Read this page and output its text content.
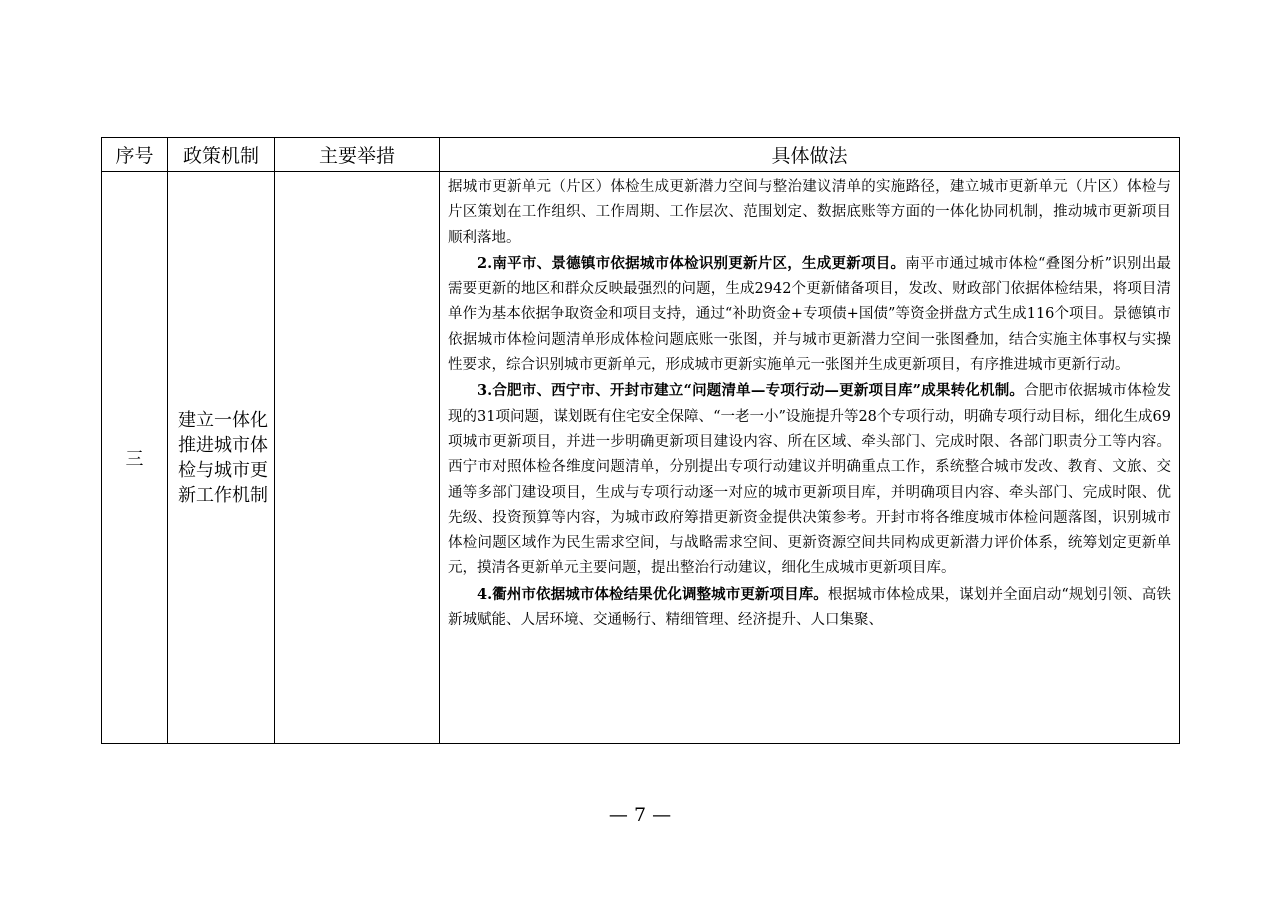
序号	政策机制	主要举措	具体做法
三	建立一体化推进城市体检与城市更新工作机制		据城市更新单元（片区）体检生成更新潜力空间与整治建议清单的实施路径，建立城市更新单元（片区）体检与片区策划在工作组织、工作周期、工作层次、范围划定、数据底账等方面的一体化协同机制，推动城市更新项目顺利落地。

2.南平市、景德镇市依据城市体检识别更新片区，生成更新项目。南平市通过城市体检“叠图分析”识别出最需要更新的地区和群众反映最强烈的问题，生成2942个更新储备项目，发改、财政部门依据体检结果，将项目清单作为基本依据争取资金和项目支持，通过“补助资金+专项债+国债”等资金拼盘方式生成116个项目。景德镇市依据城市体检问题清单形成体检问题底账一张图，并与城市更新潜力空间一张图叠加，结合实施主体事权与实操性要求，综合识别城市更新单元，形成城市更新实施单元一张图并生成更新项目，有序推进城市更新行动。

3.合肥市、西宁市、开封市建立“问题清单—专项行动—更新项目库”成果转化机制。合肥市依据城市体检发现的31项问题，谋划既有住宅安全保障、“一老一小”设施提升等28个专项行动，明确专项行动目标，细化生成69项城市更新项目，并进一步明确更新项目建设内容、所在区域、牵头部门、完成时限、各部门职责分工等内容。西宁市对照体检各维度问题清单，分别提出专项行动建议并明确重点工作，系统整合城市发改、教育、文旅、交通等多部门建设项目，生成与专项行动逐一对应的城市更新项目库，并明确项目内容、牵头部门、完成时限、优先级、投资预算等内容，为城市政府筹措更新资金提供决策参考。开封市将各维度城市体检问题落图，识别城市体检问题区域作为民生需求空间，与战略需求空间、更新资源空间共同构成更新潜力评价体系，统筹划定更新单元，摸清各更新单元主要问题，提出整治行动建议，细化生成城市更新项目库。

4.衢州市依据城市体检结果优化调整城市更新项目库。根据城市体检成果，谋划并全面启动“规划引领、高铁新城赋能、人居环境、交通畅行、精细管理、经济提升、人口集聚、

— 7 —
